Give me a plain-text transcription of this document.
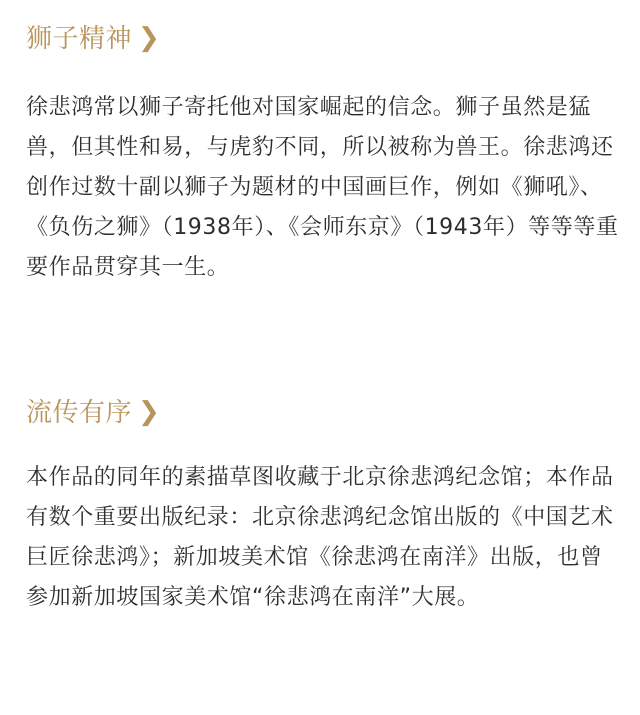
狮子精神 ❯
徐悲鸿常以狮子寄托他对国家崛起的信念。狮子虽然是猛兽，但其性和易，与虎豹不同，所以被称为兽王。徐悲鸿还创作过数十副以狮子为题材的中国画巨作，例如《狮吼》、《负伤之狮》（1938年）、《会师东京》（1943年）等等等重要作品贯穿其一生。
流传有序 ❯
本作品的同年的素描草图收藏于北京徐悲鸿纪念馆；本作品有数个重要出版纪录：北京徐悲鸿纪念馆出版的《中国艺术巨匠徐悲鸿》；新加坡美术馆《徐悲鸿在南洋》出版，也曾参加新加坡国家美术馆“徐悲鸿在南洋”大展。
